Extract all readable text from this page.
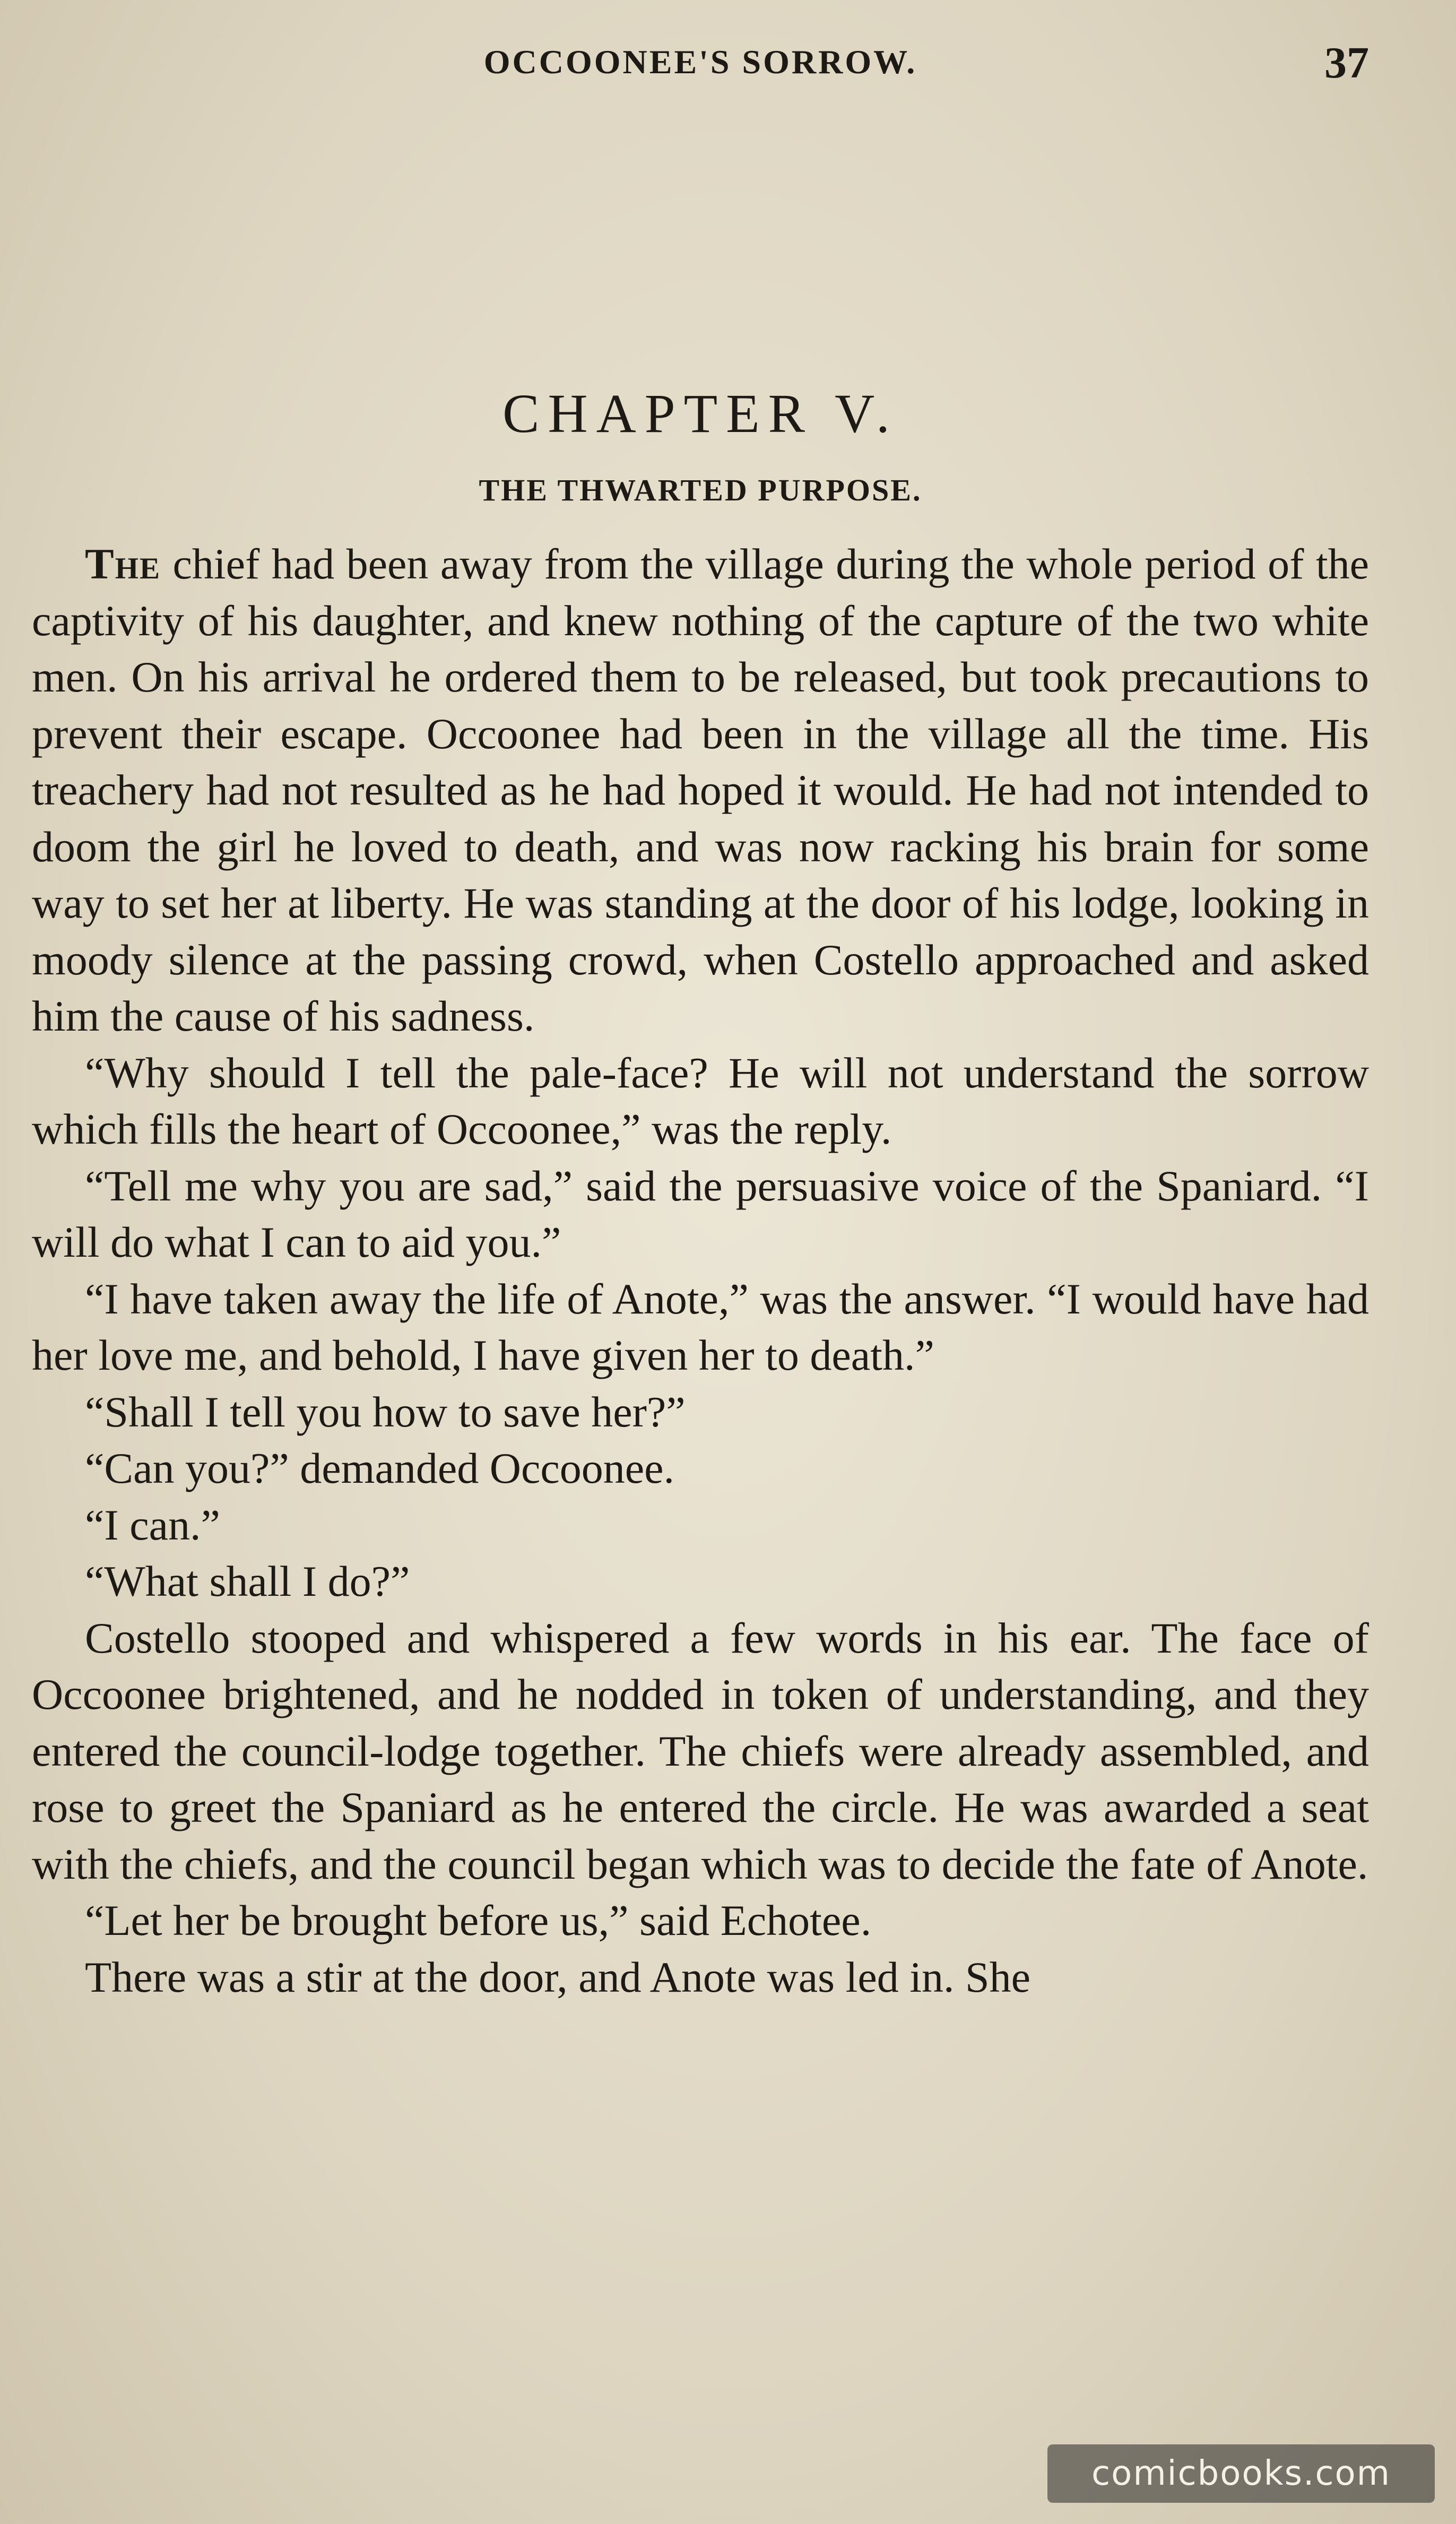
OCCOONEE'S SORROW.	37
CHAPTER V.
THE THWARTED PURPOSE.

The chief had been away from the village during the whole period of the captivity of his daughter, and knew nothing of the capture of the two white men. On his arrival he ordered them to be released, but took precautions to prevent their escape. Occoonee had been in the village all the time. His treachery had not resulted as he had hoped it would. He had not intended to doom the girl he loved to death, and was now racking his brain for some way to set her at liberty. He was standing at the door of his lodge, looking in moody silence at the passing crowd, when Costello approached and asked him the cause of his sadness.

“Why should I tell the pale-face? He will not understand the sorrow which fills the heart of Occoonee,” was the reply.

“Tell me why you are sad,” said the persuasive voice of the Spaniard. “I will do what I can to aid you.”

“I have taken away the life of Anote,” was the answer. “I would have had her love me, and behold, I have given her to death.”

“Shall I tell you how to save her?”

“Can you?” demanded Occoonee.

“I can.”

“What shall I do?”

Costello stooped and whispered a few words in his ear. The face of Occoonee brightened, and he nodded in token of understanding, and they entered the council-lodge together. The chiefs were already assembled, and rose to greet the Spaniard as he entered the circle. He was awarded a seat with the chiefs, and the council began which was to decide the fate of Anote.

“Let her be brought before us,” said Echotee.

There was a stir at the door, and Anote was led in. She

comicbooks.com
